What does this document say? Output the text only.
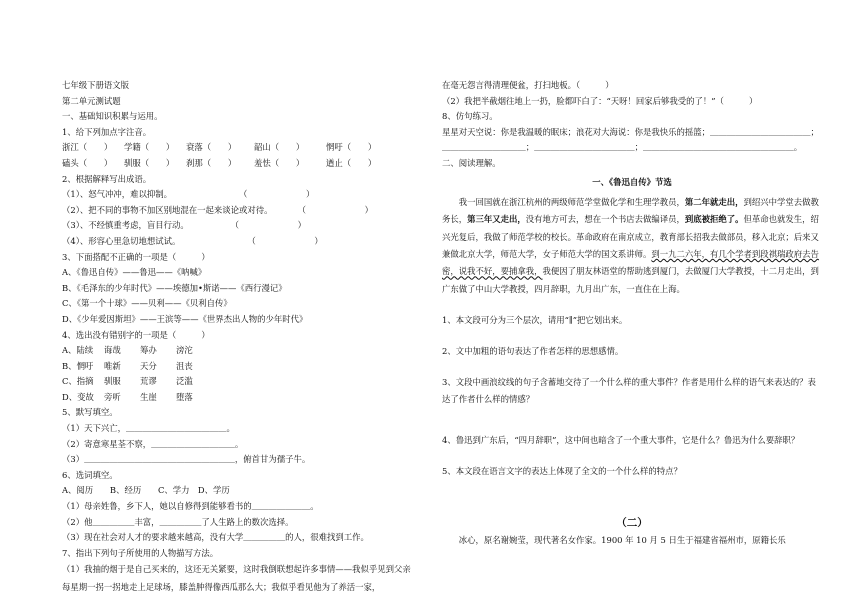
七年级下册语文版
第二单元测试题
一、基础知识积累与运用。
1、给下列加点字注音。
浙江（　　） 学籍（　　） 衰落（　　） 韶山（　　）	惘吁（　　）
磕头（　　） 驯服（　　） 刹那（　　） 羞怯（　　）	遒止（　　）
2、根据解释写出成语。
（1）、怒气冲冲，难以抑制。　　　　　　　　　（　　　　　　　）
（2）、把不同的事物不加区别地混在一起来谈论或对待。　　　　（　　　　　　　）
（3）、不经慎重考虑，盲目行动。　　　　　　（　　　　　　　）
（4）、形容心里急切地想试试。　　　　　　　　　（　　　　　　　）
3、下面搭配不正确的一项是（　　　）
A、《鲁迅自传》——鲁迅——《呐喊》
B、《毛泽东的少年时代》——埃德加•斯诺——《西行漫记》
C、《第一个十球》——贝利——《贝利自传》
D、《少年爱因斯坦》——王滨等——《世界杰出人物的少年时代》
4、选出没有错别字的一项是（　　　）
A、陆续 诲哉 筹办 滂沱
B、惘吁 唯新 天分 沮丧
C、指摘 驯服 荒谬 泛滥
D、变故 旁听 生崖 堕落
5、默写填空。
（1）天下兴亡，＿＿＿＿＿＿＿＿＿＿＿＿。
（2）寄意寒星荃不察，＿＿＿＿＿＿＿＿＿＿。
（3）＿＿＿＿＿＿＿＿＿＿＿＿＿＿＿＿＿＿，俯首甘为孺子牛。
6、选词填空。
A、阅历　　B、经历　　C、学力　D、学历
（1）母亲姓鲁，乡下人，她以自修得到能够看书的＿＿＿＿＿＿＿。
（2）他＿＿＿＿＿丰富，＿＿＿＿＿了人生路上的数次选择。
（3）现在社会对人才的要求越来越高，没有大学＿＿＿＿＿的人，很难找到工作。
7、指出下列句子所使用的人物描写方法。
（1）我抽的烟于是自己买来的，这还无关紧要，这时我倒联想起许多事情——我似乎见到父亲每星期一拐一拐地走上足球场，膝盖肿得像西瓜那么大；我似乎看见他为了养活一家，
在毫无怨言得清理便盆，打扫地板。（　　　）
（2）我把半截烟往地上一扔，脸都吓白了：“天呀！回家后够我受的了！”（　　　）
8、仿句练习。
星星对天空说：你是我温暖的眠床；浪花对大海说：你是我快乐的摇篮；＿＿＿＿＿＿＿＿＿＿＿＿；
＿＿＿＿＿＿＿＿＿＿；＿＿＿＿＿＿＿＿＿＿＿＿；＿＿＿＿＿＿＿＿＿＿＿＿＿＿＿＿＿＿。
二、阅读理解。
一、《鲁迅自传》节选
我一回国就在浙江杭州的两级师范学堂做化学和生理学教员，第二年就走出，到绍兴中学堂去做教务长，第三年又走出，没有地方可去，想在一个书店去做编译员，到底被拒绝了。但革命也就发生，绍兴光复后，我做了师范学校的校长。革命政府在南京成立，教育部长招我去做部员，移入北京；后来又兼做北京大学，师范大学，女子师范大学的国文系讲师。到一九二六年，有几个学者到段祺瑞政府去告密，说我不好，要捕拿我，我便因了朋友林语堂的帮助逃到厦门，去做厦门大学教授，十二月走出，到广东做了中山大学教授，四月辞职，九月出广东，一直住在上海。
1、本文段可分为三个层次，请用“∥”把它划出来。
2、文中加粗的语句表达了作者怎样的思想感情。
3、文段中画浪纹线的句子含蓄地交待了一个什么样的重大事件？作者是用什么样的语气来表达的？表达了作者什么样的情感？
4、鲁迅到广东后，“四月辞职”，这中间也暗含了一个重大事件，它是什么？鲁迅为什么要辞职？
5、本文段在语言文字的表达上体现了全文的一个什么样的特点？
（二）
冰心，原名谢婉莹，现代著名女作家。1900 年 10 月 5 日生于福建省福州市，原籍长乐
